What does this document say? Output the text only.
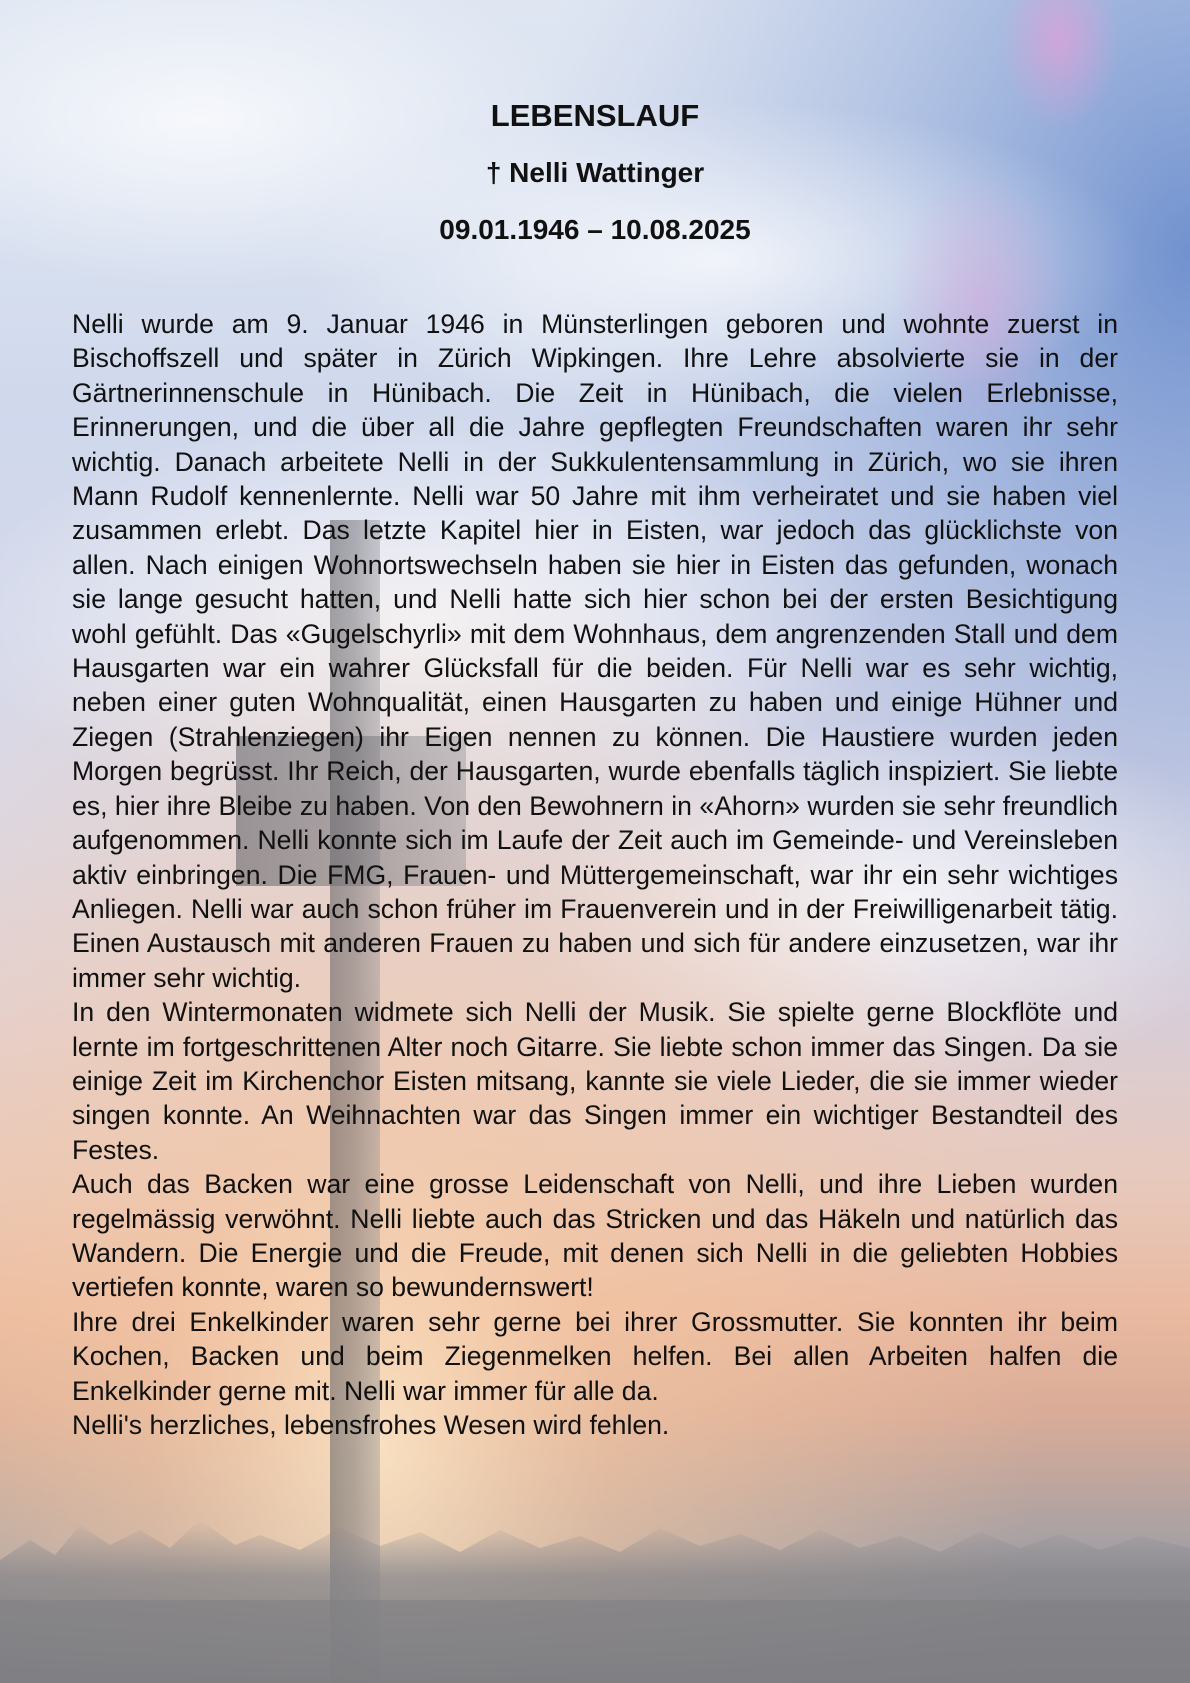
LEBENSLAUF
† Nelli Wattinger
09.01.1946 – 10.08.2025

Nelli wurde am 9. Januar 1946 in Münsterlingen geboren und wohnte zuerst in Bischoffszell und später in Zürich Wipkingen. Ihre Lehre absolvierte sie in der Gärtnerinnenschule in Hünibach. Die Zeit in Hünibach, die vielen Erlebnisse, Erinnerungen, und die über all die Jahre gepflegten Freundschaften waren ihr sehr wichtig. Danach arbeitete Nelli in der Sukkulentensammlung in Zürich, wo sie ihren Mann Rudolf kennenlernte. Nelli war 50 Jahre mit ihm verheiratet und sie haben viel zusammen erlebt. Das letzte Kapitel hier in Eisten, war jedoch das glücklichste von allen. Nach einigen Wohnortswechseln haben sie hier in Eisten das gefunden, wonach sie lange gesucht hatten, und Nelli hatte sich hier schon bei der ersten Besichtigung wohl gefühlt. Das «Gugelschyrli» mit dem Wohnhaus, dem angrenzenden Stall und dem Hausgarten war ein wahrer Glücksfall für die beiden. Für Nelli war es sehr wichtig, neben einer guten Wohnqualität, einen Hausgarten zu haben und einige Hühner und Ziegen (Strahlenziegen) ihr Eigen nennen zu können. Die Haustiere wurden jeden Morgen begrüsst. Ihr Reich, der Hausgarten, wurde ebenfalls täglich inspiziert. Sie liebte es, hier ihre Bleibe zu haben. Von den Bewohnern in «Ahorn» wurden sie sehr freundlich aufgenommen. Nelli konnte sich im Laufe der Zeit auch im Gemeinde- und Vereinsleben aktiv einbringen. Die FMG, Frauen- und Müttergemeinschaft, war ihr ein sehr wichtiges Anliegen. Nelli war auch schon früher im Frauenverein und in der Freiwilligenarbeit tätig. Einen Austausch mit anderen Frauen zu haben und sich für andere einzusetzen, war ihr immer sehr wichtig.

In den Wintermonaten widmete sich Nelli der Musik. Sie spielte gerne Blockflöte und lernte im fortgeschrittenen Alter noch Gitarre. Sie liebte schon immer das Singen. Da sie einige Zeit im Kirchenchor Eisten mitsang, kannte sie viele Lieder, die sie immer wieder singen konnte. An Weihnachten war das Singen immer ein wichtiger Bestandteil des Festes.

Auch das Backen war eine grosse Leidenschaft von Nelli, und ihre Lieben wurden regelmässig verwöhnt. Nelli liebte auch das Stricken und das Häkeln und natürlich das Wandern. Die Energie und die Freude, mit denen sich Nelli in die geliebten Hobbies vertiefen konnte, waren so bewundernswert!

Ihre drei Enkelkinder waren sehr gerne bei ihrer Grossmutter. Sie konnten ihr beim Kochen, Backen und beim Ziegenmelken helfen. Bei allen Arbeiten halfen die Enkelkinder gerne mit. Nelli war immer für alle da.

Nelli's herzliches, lebensfrohes Wesen wird fehlen.
